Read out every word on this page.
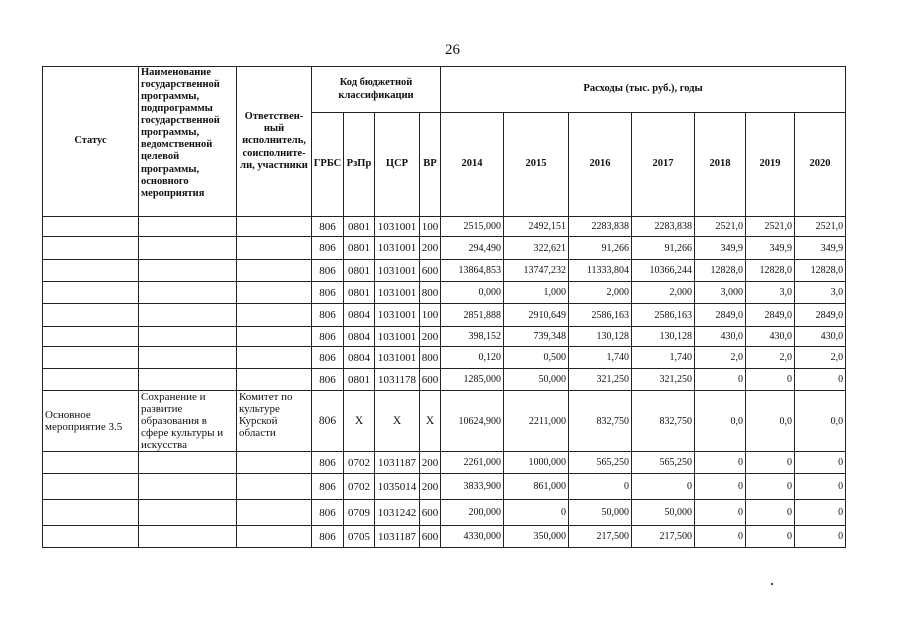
26
Статус	Наименование государственной программы, подпрограммы государственной программы, ведомственной целевой программы, основного мероприятия	Ответствен-ный исполнитель, соисполните-ли, участники	Код бюджетной классификации				Расходы (тыс. руб.), годы						
			ГРБС	РзПр	ЦСР	ВР	2014	2015	2016	2017	2018	2019	2020
			806	0801	1031001	100	2515,000	2492,151	2283,838	2283,838	2521,0	2521,0	2521,0
			806	0801	1031001	200	294,490	322,621	91,266	91,266	349,9	349,9	349,9
			806	0801	1031001	600	13864,853	13747,232	11333,804	10366,244	12828,0	12828,0	12828,0
			806	0801	1031001	800	0,000	1,000	2,000	2,000	3,000	3,0	3,0
			806	0804	1031001	100	2851,888	2910,649	2586,163	2586,163	2849,0	2849,0	2849,0
			806	0804	1031001	200	398,152	739,348	130,128	130,128	430,0	430,0	430,0
			806	0804	1031001	800	0,120	0,500	1,740	1,740	2,0	2,0	2,0
			806	0801	1031178	600	1285,000	50,000	321,250	321,250	0	0	0
Основное мероприятие 3.5	Сохранение и развитие образования в сфере культуры и искусства	Комитет по культуре Курской области	806	Х	Х	Х	10624,900	2211,000	832,750	832,750	0,0	0,0	0,0
			806	0702	1031187	200	2261,000	1000,000	565,250	565,250	0	0	0
			806	0702	1035014	200	3833,900	861,000	0	0	0	0	0
			806	0709	1031242	600	200,000	0	50,000	50,000	0	0	0
			806	0705	1031187	600	4330,000	350,000	217,500	217,500	0	0	0
